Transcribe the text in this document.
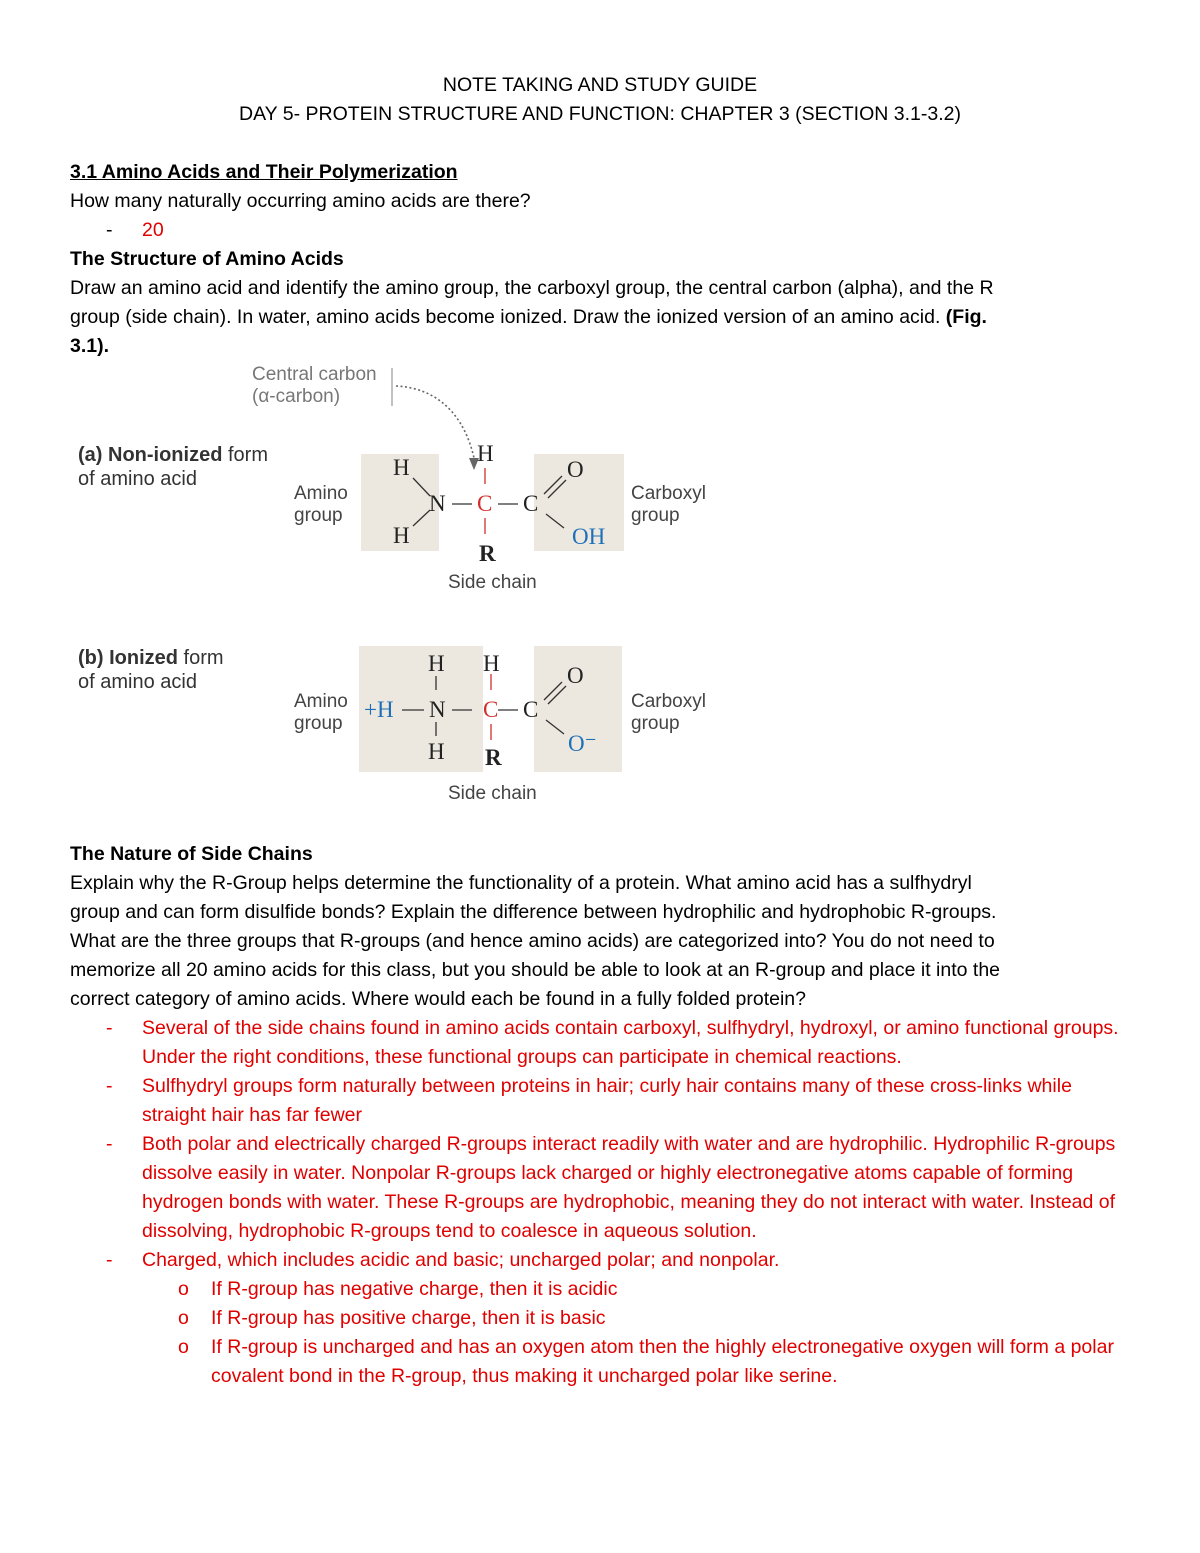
NOTE TAKING AND STUDY GUIDE
DAY 5- PROTEIN STRUCTURE AND FUNCTION: CHAPTER 3 (SECTION 3.1-3.2)
3.1 Amino Acids and Their Polymerization
How many naturally occurring amino acids are there?
- 20
The Structure of Amino Acids
Draw an amino acid and identify the amino group, the carboxyl group, the central carbon (alpha), and the R
group (side chain). In water, amino acids become ionized. Draw the ionized version of an amino acid. (Fig.
3.1).
The Nature of Side Chains
Explain why the R-Group helps determine the functionality of a protein. What amino acid has a sulfhydryl
group and can form disulfide bonds? Explain the difference between hydrophilic and hydrophobic R-groups.
What are the three groups that R-groups (and hence amino acids) are categorized into? You do not need to
memorize all 20 amino acids for this class, but you should be able to look at an R-group and place it into the
correct category of amino acids. Where would each be found in a fully folded protein?
- Several of the side chains found in amino acids contain carboxyl, sulfhydryl, hydroxyl, or amino functional groups. Under the right conditions, these functional groups can participate in chemical reactions.
- Sulfhydryl groups form naturally between proteins in hair; curly hair contains many of these cross-links while straight hair has far fewer
- Both polar and electrically charged R-groups interact readily with water and are hydrophilic. Hydrophilic R-groups dissolve easily in water. Nonpolar R-groups lack charged or highly electronegative atoms capable of forming hydrogen bonds with water. These R-groups are hydrophobic, meaning they do not interact with water. Instead of dissolving, hydrophobic R-groups tend to coalesce in aqueous solution.
- Charged, which includes acidic and basic; uncharged polar; and nonpolar.
o If R-group has negative charge, then it is acidic
o If R-group has positive charge, then it is basic
o If R-group is uncharged and has an oxygen atom then the highly electronegative oxygen will form a polar covalent bond in the R-group, thus making it uncharged polar like serine.
Central carbon
(α-carbon)
(a) Non-ionized form
of amino acid
(b) Ionized form
of amino acid
Amino
group
Carboxyl
group
Side chain
Amino
group
Carboxyl
group
Side chain
H
H
N
H
C C
O
OH
R
H
H
+H N
H
C C
O
O⁻
R
